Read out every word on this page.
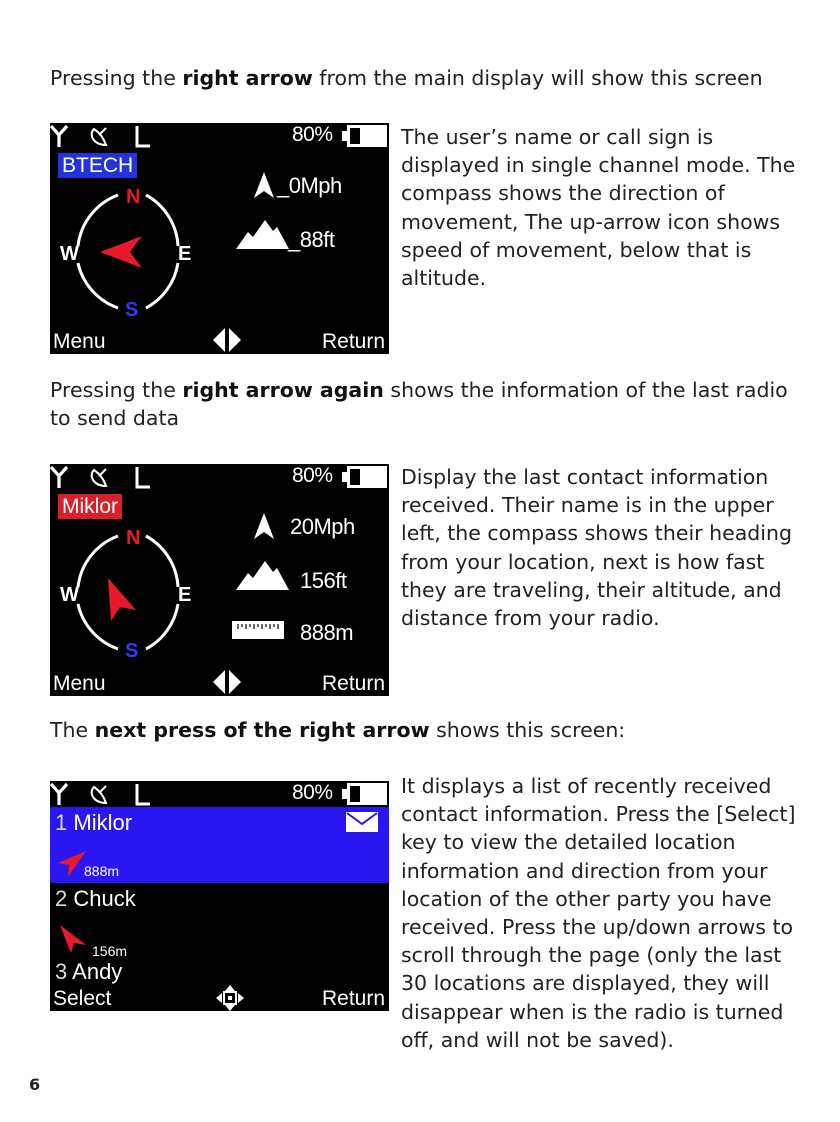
Pressing the right arrow from the main display will show this screen

80%
BTECH
N
E
S
W
_0Mph
_88ft
Menu	Return

The user’s name or call sign is displayed in single channel mode. The compass shows the direction of movement, The up-arrow icon shows speed of movement, below that is altitude.

Pressing the right arrow again shows the information of the last radio to send data

80%
Miklor
N
E
S
W
20Mph
156ft
888m
Menu	Return

Display the last contact information received. Their name is in the upper left, the compass shows their heading from your location, next is how fast they are traveling, their altitude, and distance from your radio.

The next press of the right arrow shows this screen:

80%
1 Miklor
888m
2 Chuck
156m
3 Andy
Select	Return

It displays a list of recently received contact information. Press the [Select] key to view the detailed location information and direction from your location of the other party you have received. Press the up/down arrows to scroll through the page (only the last 30 locations are displayed, they will disappear when is the radio is turned off, and will not be saved).

6
